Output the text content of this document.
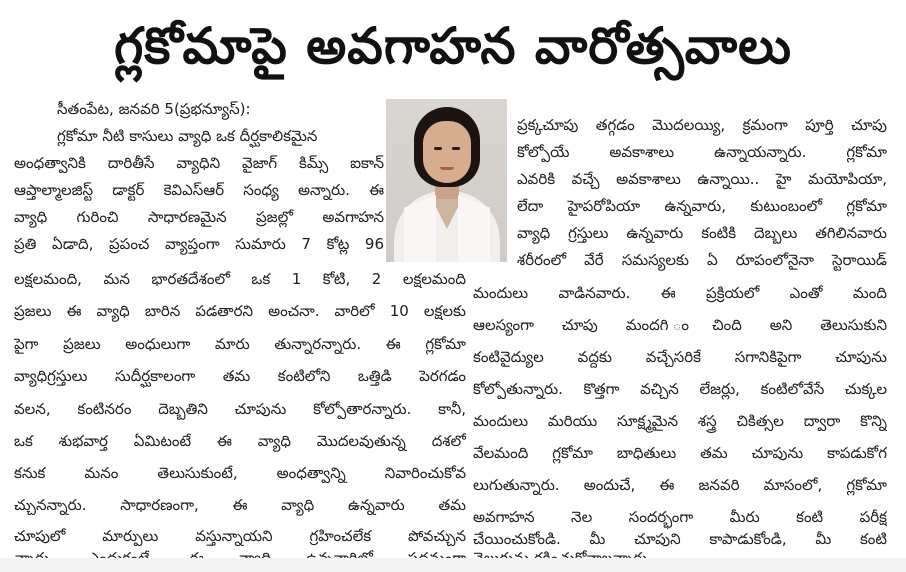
గ్లకోమాపై అవగాహన వారోత్సవాలు
సీతంపేట, జనవరి 5(ప్రభన్యూస్):
గ్లకోమా నీటి కాసులు వ్యాధి ఒక దీర్ఘకాలికమైన
అంధత్వానికి దారితీసే వ్యాధిని వైజాగ్ కిమ్స్ ఐకాన్
ఆప్తాల్మాలజిస్ట్ డాక్టర్ కెవిఎస్ఆర్ సంధ్య అన్నారు. ఈ
వ్యాధి గురించి సాధారణమైన ప్రజల్లో అవగాహన
ప్రతి ఏడాది, ప్రపంచ వ్యాప్తంగా సుమారు 7 కోట్ల 96
లక్షలమంది, మన భారతదేశంలో ఒక 1 కోటి, 2 లక్షలమంది
ప్రజలు ఈ వ్యాధి బారిన పడతారని అంచనా. వారిలో 10 లక్షలకు
పైగా ప్రజలు అంధులుగా మారు తున్నారన్నారు. ఈ గ్లకోమా
వ్యాధిగ్రస్తులు సుదీర్ఘకాలంగా తమ కంటిలోని ఒత్తిడి పెరగడం
వలన, కంటినరం దెబ్బతిని చూపును కోల్పోతారన్నారు. కానీ,
ఒక శుభవార్త ఏమిటంటే ఈ వ్యాధి మొదలవుతున్న దశలో
కనుక మనం తెలుసుకుంటే, అంధత్వాన్ని నివారించుకోవ
చ్చునన్నారు. సాధారణంగా, ఈ వ్యాధి ఉన్నవారు తమ
చూపులో మార్పులు వస్తున్నాయని గ్రహించలేక పోవచ్చున
ప్రక్కచూపు తగ్గడం మొదలయ్యి, క్రమంగా పూర్తి చూపు
కోల్పోయే అవకాశాలు ఉన్నాయన్నారు. గ్లకోమా
ఎవరికి వచ్చే అవకాశాలు ఉన్నాయి.. హై మయోపియా,
లేదా హైపరోపియా ఉన్నవారు, కుటుంబంలో గ్లకోమా
వ్యాధి గ్రస్తులు ఉన్నవారు కంటికి దెబ్బలు తగిలినవారు
శరీరంలో వేరే సమస్యలకు ఏ రూపంలోనైనా స్టెరాయిడ్
మందులు వాడినవారు. ఈ ప్రక్రియలో ఎంతో మంది
ఆలస్యంగా చూపు మందగి ంచింది అని తెలుసుకుని
కంటివైద్యుల వద్దకు వచ్చేసరికే సగానికిపైగా చూపును
కోల్పోతున్నారు. కొత్తగా వచ్చిన లేజర్లు, కంటిలోవేసే చుక్కల
మందులు మరియు సూక్ష్మమైన శస్త్ర చికిత్సల ద్వారా కొన్ని
వేలమంది గ్లకోమా బాధితులు తమ చూపును కాపడుకోగ
లుగుతున్నారు. అందుచే, ఈ జనవరి మాసంలో, గ్లకోమా
అవగాహన నెల సందర్భంగా మీరు కంటి పరీక్ష
చేయించుకోండి. మీ చూపుని కాపాడుకోండి, మీ కంటి
